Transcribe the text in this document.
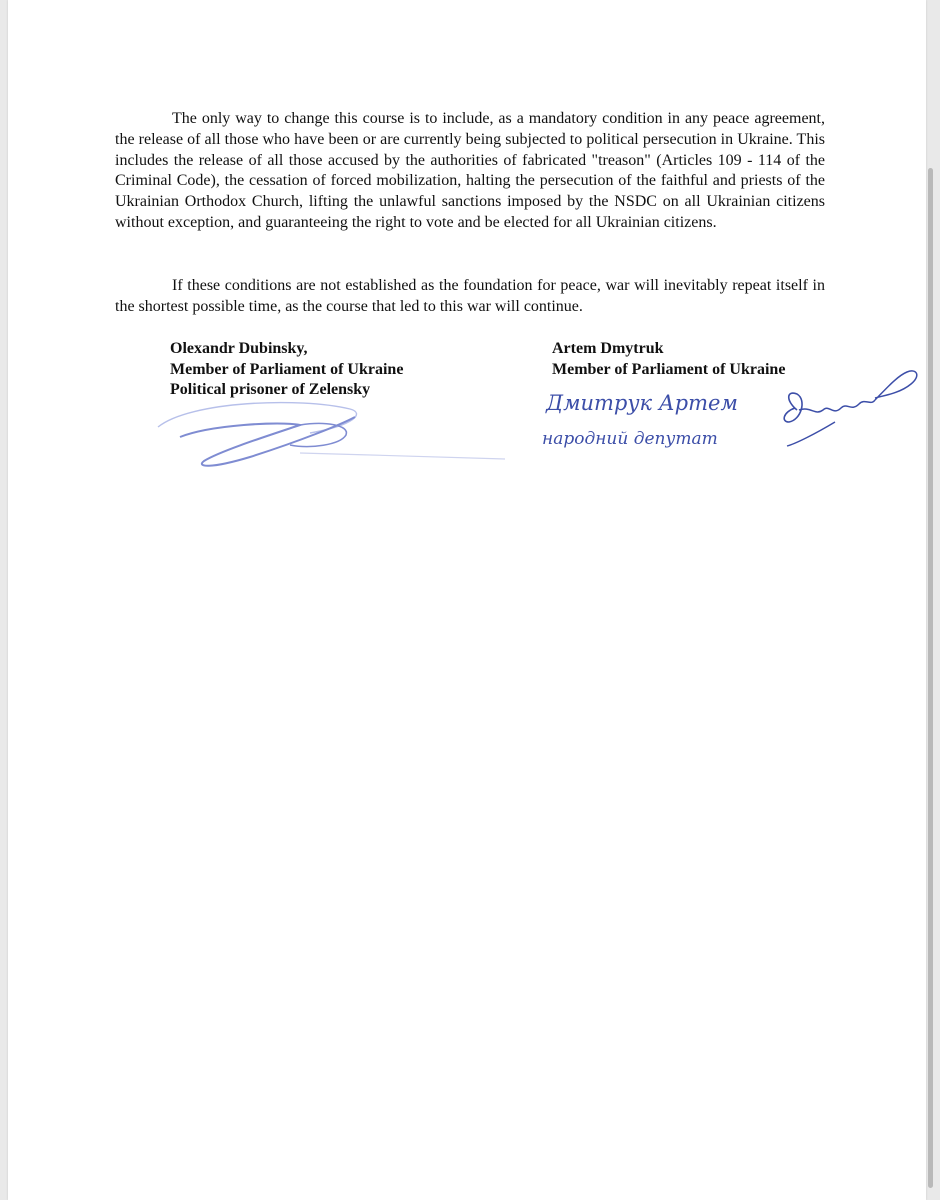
The only way to change this course is to include, as a mandatory condition in any peace agreement, the release of all those who have been or are currently being subjected to political persecution in Ukraine. This includes the release of all those accused by the authorities of fabricated "treason" (Articles 109 - 114 of the Criminal Code), the cessation of forced mobilization, halting the persecution of the faithful and priests of the Ukrainian Orthodox Church, lifting the unlawful sanctions imposed by the NSDC on all Ukrainian citizens without exception, and guaranteeing the right to vote and be elected for all Ukrainian citizens.

If these conditions are not established as the foundation for peace, war will inevitably repeat itself in the shortest possible time, as the course that led to this war will continue.

Olexandr Dubinsky,
Member of Parliament of Ukraine
Political prisoner of Zelensky
Artem Dmytruk
Member of Parliament of Ukraine
Дмитрук Артем
народний депутат
